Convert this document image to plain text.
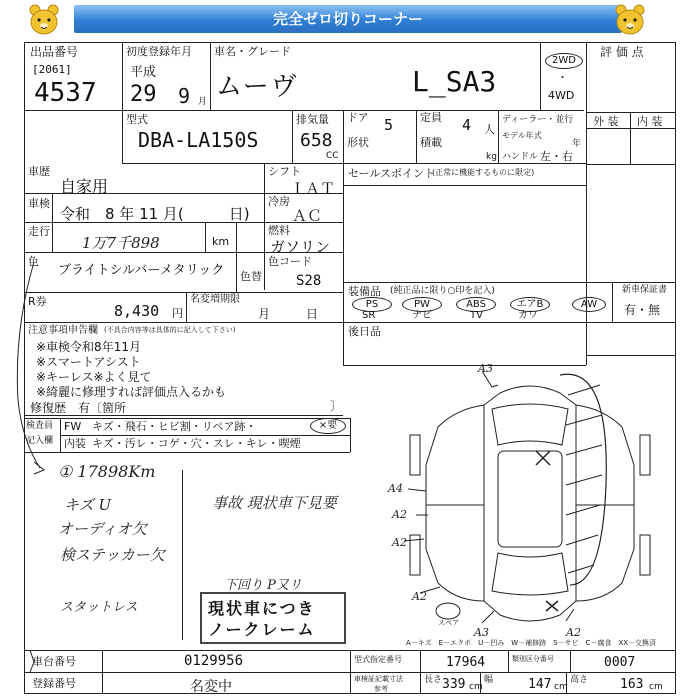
完全ゼロ切りコーナー
出品番号
[2061]
4537
初度登録年月
平成
29 9 月
車名・グレード
ムーヴ	L_SA3
2WD
・
4WD
評 価 点
外 装 内 装
型式
DBA-LA150S
排気量
658
CC
ドア 5
形状
定員 4 人
積載
kg
ディーラー・並行
モデル年式
年
ハンドル 左・右
車歴
自家用
シフト
ＩＡＴ
車検
令和　8 年 11 月(　　　日)
冷房
ＡＣ
走行
1万7千898	km
燃料
ガソリン
色
ブライトシルバーメタリック	色替
色コード
S28
R券
8,430 円
名変増期限
月　　　日
注意事項申告欄 (不具合内容等は具体的に記入して下さい)
※車検令和8年11月
※スマートアシスト
※キーレス※よく見て
※綺麗に修理すれば評価点入るかも
修復歴　有〔箇所	〕
セールスポイント
(正常に機能するものに限定)
装備品 (純正品に限り○印を記入)
PS	PW	ABS	エアB	AW
SR	ナビ	TV	カワ
新車保証書
有・無
後日品
検査員
記入欄
FW キズ・飛石・ヒビ割・リペア跡・	×要
内装 キズ・汚レ・コゲ・穴・スレ・キレ・喫煙
① 17898Km
キズ U
オーディオ欠
検ステッカー欠
事故 現状車下見要
下回り P又リ
スタットレス	現状車につき
ノークレーム
A3
A4
A2
A2
A2
A3	A2
スペア
A－キズ　E－エクボ　U－凹み　W－補修跡　S－サビ　C－腐食　XX－交換済
車台番号	0129956
登録番号	名変中
型式指定番号	17964	類別区分番号	0007
車検証記載寸法
参考
長さ 339 cm
幅	147 cm
高さ 163 cm
